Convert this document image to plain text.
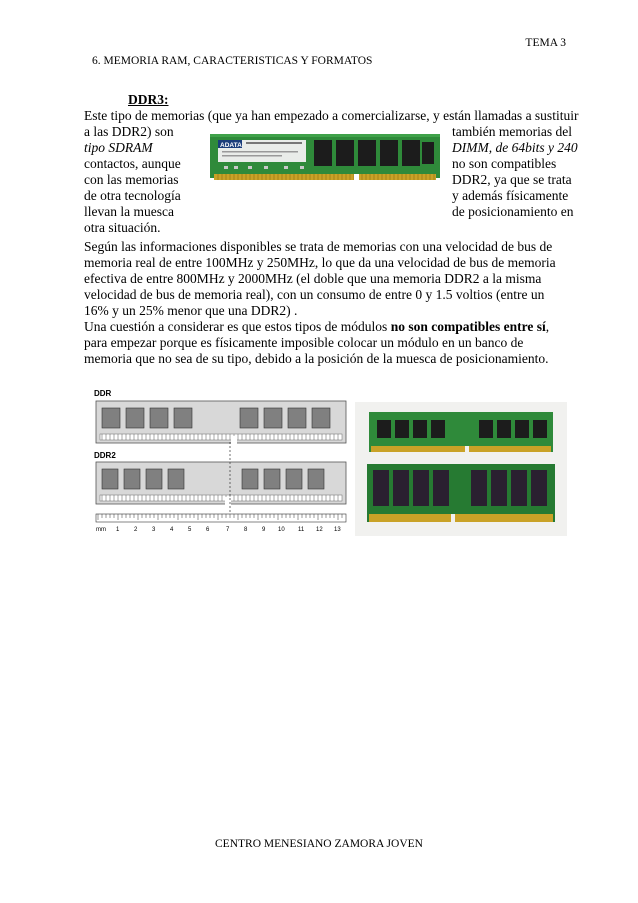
TEMA 3
6. MEMORIA RAM, CARACTERISTICAS Y FORMATOS
DDR3:
Este tipo de memorias (que ya han empezado a comercializarse, y están llamadas a sustituir
a las DDR2) son
tipo SDRAM
contactos, aunque
con las memorias
de otra tecnología
llevan la muesca
otra situación.
también memorias del
DIMM, de 64bits y 240
no son compatibles
DDR2, ya que se trata
y además físicamente
de posicionamiento en
ADATA
Según las informaciones disponibles se trata de memorias con una velocidad de bus de memoria real de entre 100MHz y 250MHz, lo que da una velocidad de bus de memoria efectiva de entre 800MHz y 2000MHz (el doble que una memoria DDR2 a la misma velocidad de bus de memoria real), con un consumo de entre 0 y 1.5 voltios (entre un 16% y un 25% menor que una DDR2) .
Una cuestión a considerar es que estos tipos de módulos no son compatibles entre sí, para empezar porque es físicamente imposible colocar un módulo en un banco de memoria que no sea de su tipo, debido a la posición de la muesca de posicionamiento.
DDR
DDR2
mm 1 2 3 4 5 6	7 8 9 10 11 12 13
CENTRO MENESIANO ZAMORA JOVEN
